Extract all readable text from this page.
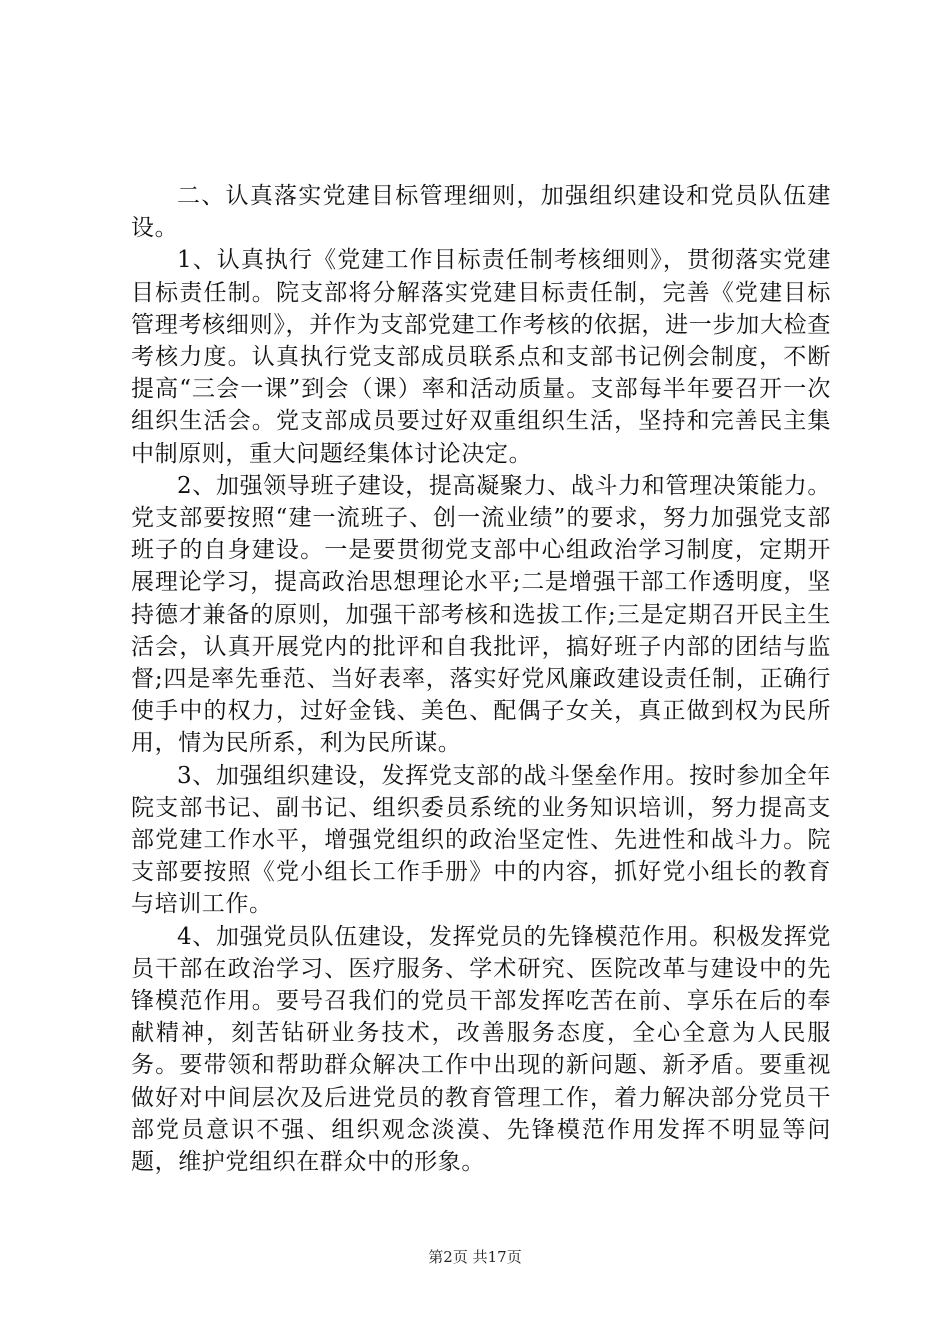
二、认真落实党建目标管理细则，加强组织建设和党员队伍建设。

1、认真执行《党建工作目标责任制考核细则》，贯彻落实党建目标责任制。院支部将分解落实党建目标责任制，完善《党建目标管理考核细则》，并作为支部党建工作考核的依据，进一步加大检查考核力度。认真执行党支部成员联系点和支部书记例会制度，不断提高“三会一课”到会（课）率和活动质量。支部每半年要召开一次组织生活会。党支部成员要过好双重组织生活，坚持和完善民主集中制原则，重大问题经集体讨论决定。

2、加强领导班子建设，提高凝聚力、战斗力和管理决策能力。党支部要按照“建一流班子、创一流业绩”的要求，努力加强党支部班子的自身建设。一是要贯彻党支部中心组政治学习制度，定期开展理论学习，提高政治思想理论水平;二是增强干部工作透明度，坚持德才兼备的原则，加强干部考核和选拔工作;三是定期召开民主生活会，认真开展党内的批评和自我批评，搞好班子内部的团结与监督;四是率先垂范、当好表率，落实好党风廉政建设责任制，正确行使手中的权力，过好金钱、美色、配偶子女关，真正做到权为民所用，情为民所系，利为民所谋。

3、加强组织建设，发挥党支部的战斗堡垒作用。按时参加全年院支部书记、副书记、组织委员系统的业务知识培训，努力提高支部党建工作水平，增强党组织的政治坚定性、先进性和战斗力。院支部要按照《党小组长工作手册》中的内容，抓好党小组长的教育与培训工作。

4、加强党员队伍建设，发挥党员的先锋模范作用。积极发挥党员干部在政治学习、医疗服务、学术研究、医院改革与建设中的先锋模范作用。要号召我们的党员干部发挥吃苦在前、享乐在后的奉献精神，刻苦钻研业务技术，改善服务态度，全心全意为人民服务。要带领和帮助群众解决工作中出现的新问题、新矛盾。要重视做好对中间层次及后进党员的教育管理工作，着力解决部分党员干部党员意识不强、组织观念淡漠、先锋模范作用发挥不明显等问题，维护党组织在群众中的形象。

第2页 共17页
